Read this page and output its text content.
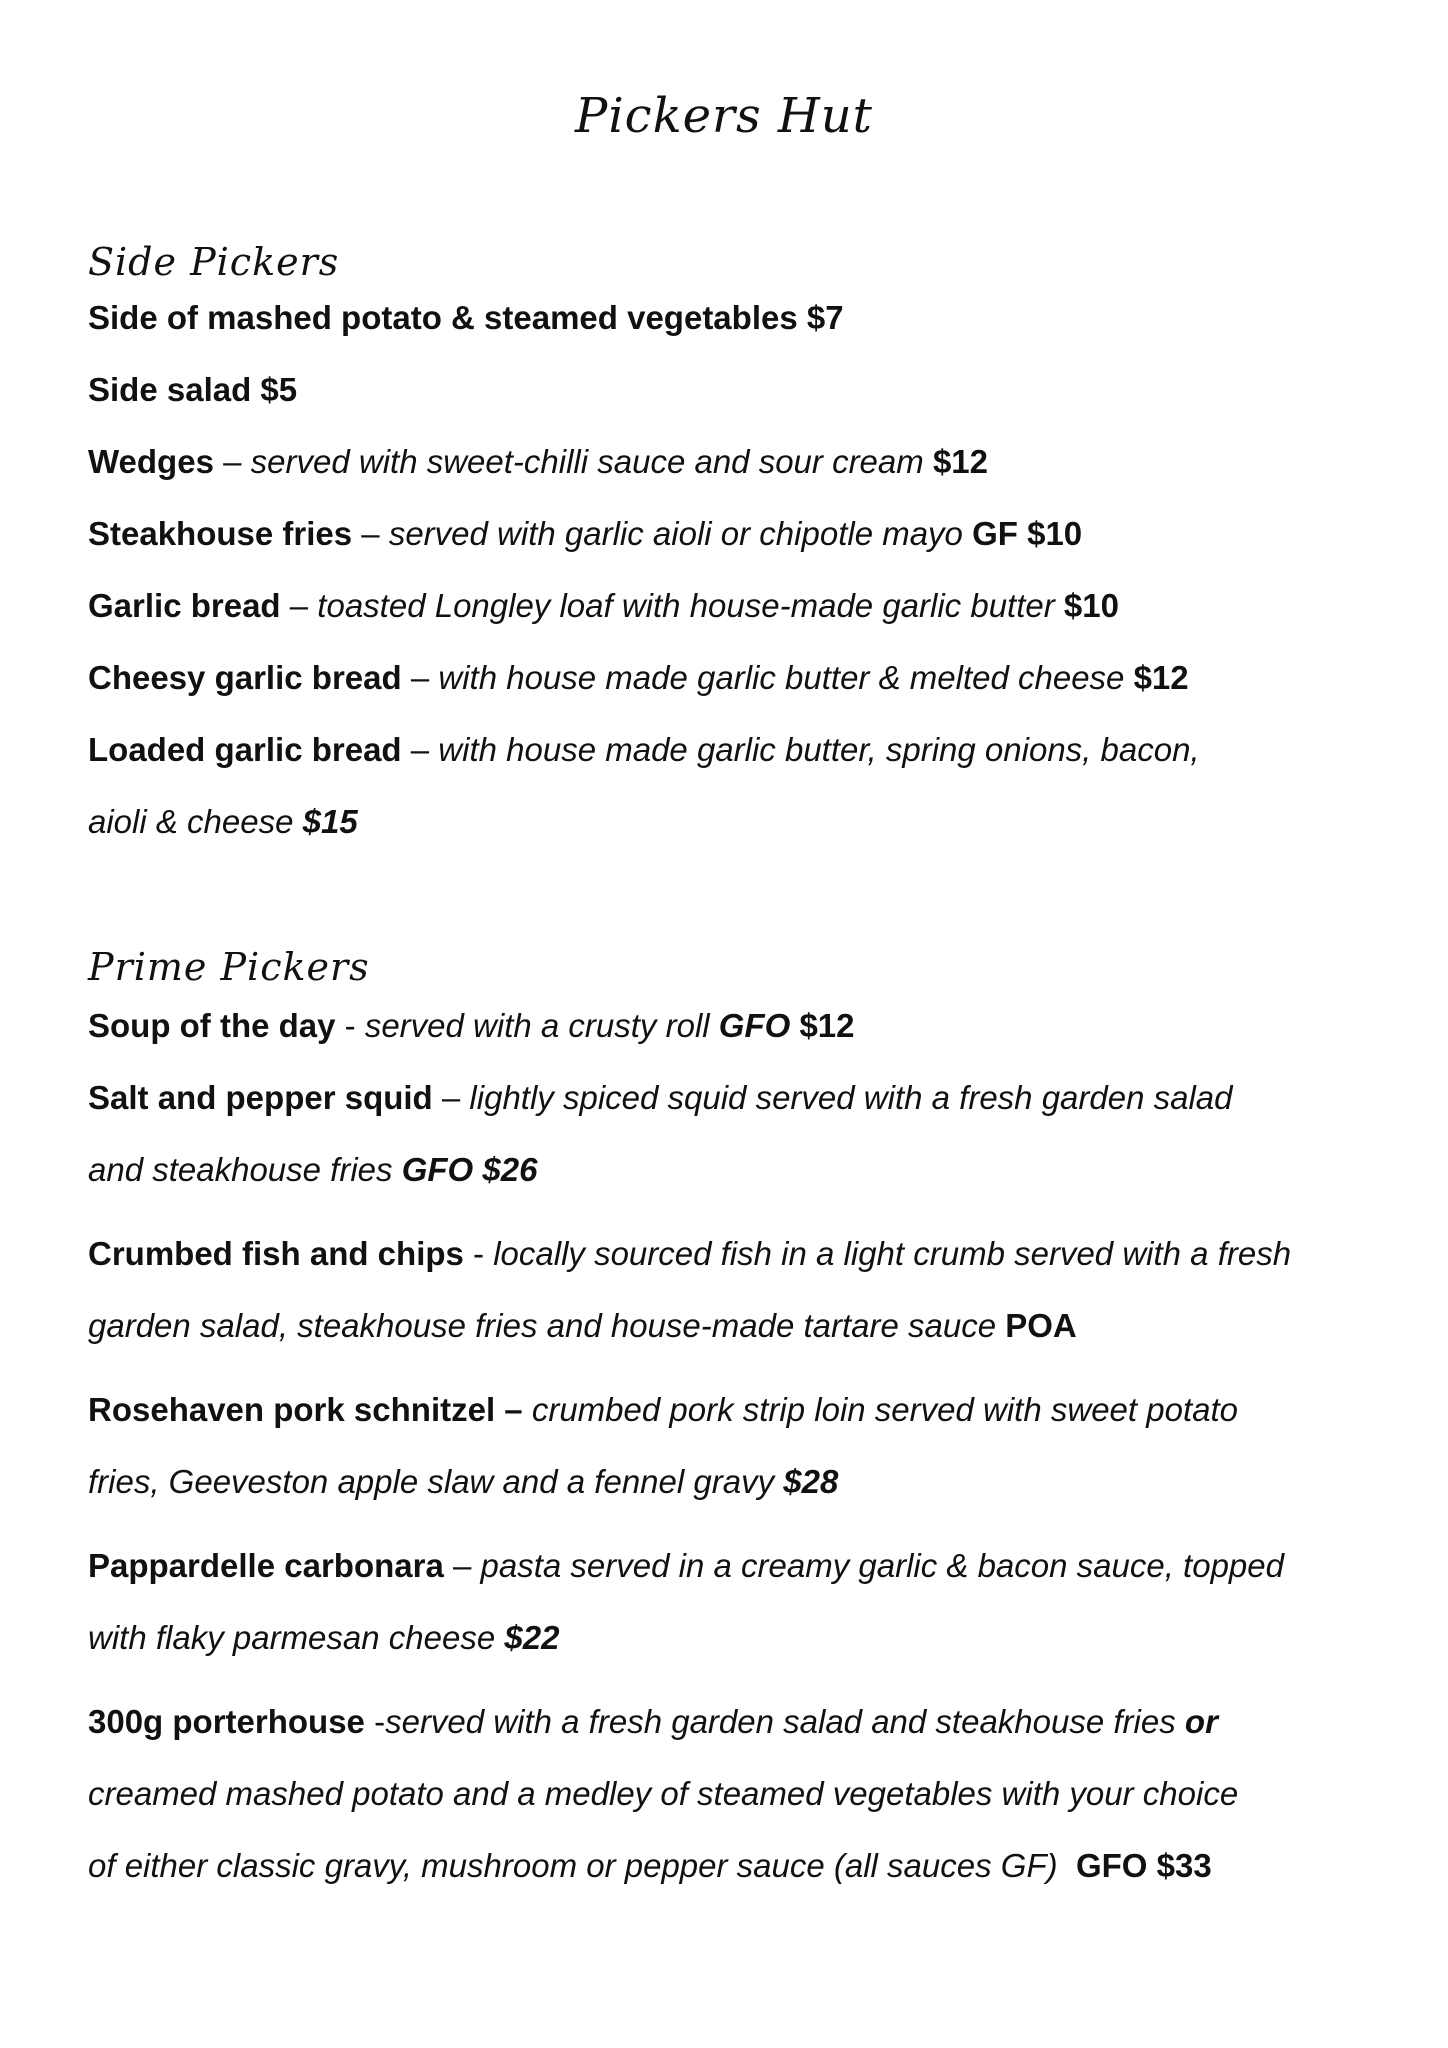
Pickers Hut
Side Pickers
Side of mashed potato & steamed vegetables $7
Side salad $5
Wedges – served with sweet-chilli sauce and sour cream $12
Steakhouse fries – served with garlic aioli or chipotle mayo GF $10
Garlic bread – toasted Longley loaf with house-made garlic butter $10
Cheesy garlic bread – with house made garlic butter & melted cheese $12
Loaded garlic bread – with house made garlic butter, spring onions, bacon,
aioli & cheese $15
Prime Pickers
Soup of the day - served with a crusty roll GFO $12
Salt and pepper squid – lightly spiced squid served with a fresh garden salad
and steakhouse fries GFO $26
Crumbed fish and chips - locally sourced fish in a light crumb served with a fresh
garden salad, steakhouse fries and house-made tartare sauce POA
Rosehaven pork schnitzel – crumbed pork strip loin served with sweet potato
fries, Geeveston apple slaw and a fennel gravy $28
Pappardelle carbonara – pasta served in a creamy garlic & bacon sauce, topped
with flaky parmesan cheese $22
300g porterhouse -served with a fresh garden salad and steakhouse fries or
creamed mashed potato and a medley of steamed vegetables with your choice
of either classic gravy, mushroom or pepper sauce (all sauces GF) GFO $33
